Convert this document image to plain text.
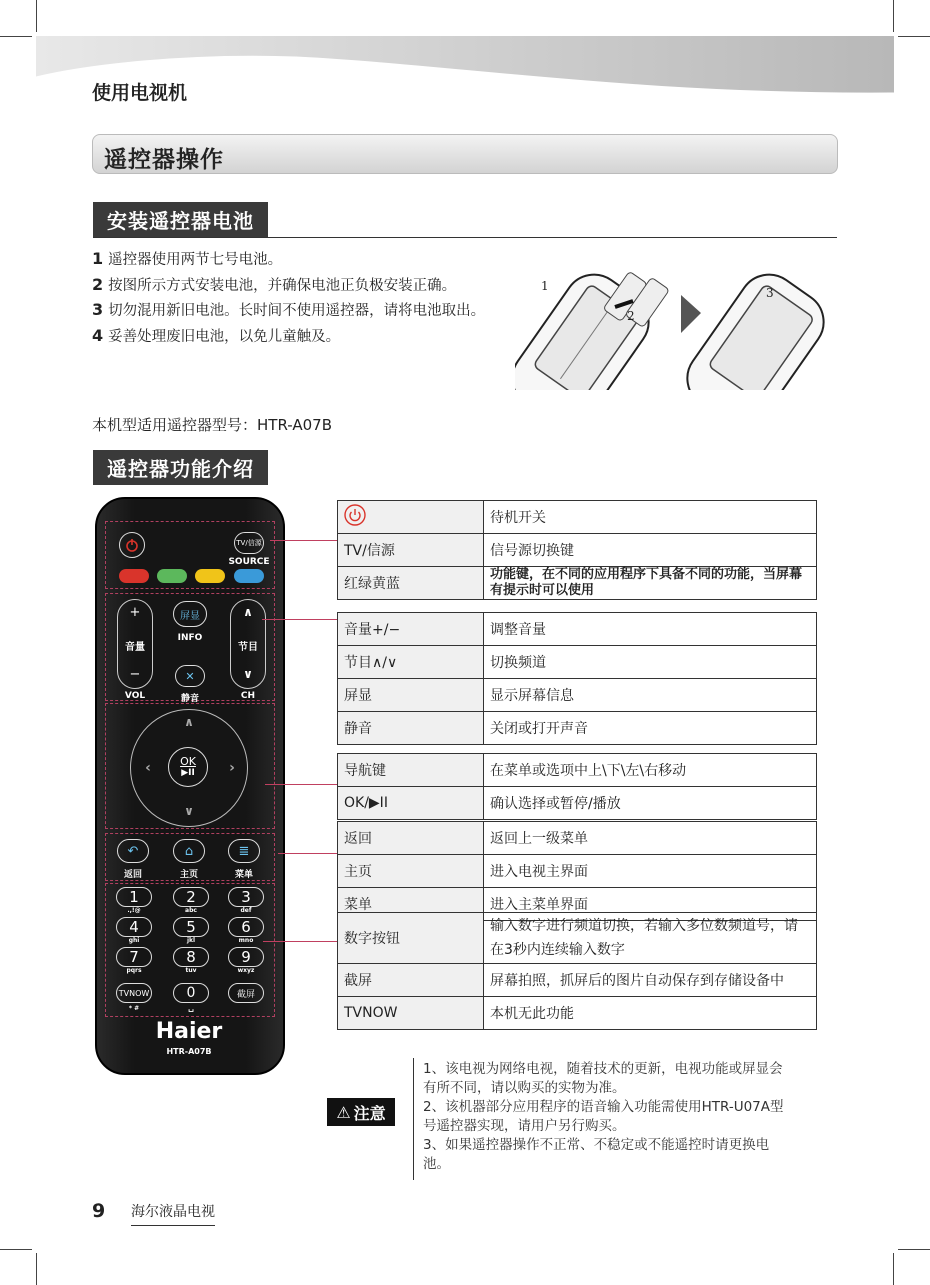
使用电视机
遥控器操作
安装遥控器电池
1 遥控器使用两节七号电池。
2 按图所示方式安装电池，并确保电池正负极安装正确。
3 切勿混用新旧电池。长时间不使用遥控器，请将电池取出。
4 妥善处理废旧电池，以免儿童触及。
1
2
3
本机型适用遥控器型号：HTR-A07B
遥控器功能介绍
TV/信源
SOURCE
+
音量
−
VOL
屏显
INFO
✕
静音
∧
节目
∨
CH
∧
∨
‹	›
OK
▶II
↶
返回
⌂
主页
≣
菜单
1
.,!@
2
abc
3
def
4
ghi
5
jkl
6
mno
7
pqrs
8
tuv
9
wxyz
TVNOW	0	截屏
* #	␣
Haier
HTR-A07B
	待机开关
TV/信源	信号源切换键
红绿黄蓝	功能键，在不同的应用程序下具备不同的功能，当屏幕有提示时可以使用
音量+/−	调整音量
节目∧/∨	切换频道
屏显	显示屏幕信息
静音	关闭或打开声音
导航键	在菜单或选项中上\下\左\右移动
OK/▶II	确认选择或暂停/播放
返回	返回上一级菜单
主页	进入电视主界面
菜单	进入主菜单界面
数字按钮	输入数字进行频道切换，若输入多位数频道号，请在3秒内连续输入数字
截屏	屏幕拍照，抓屏后的图片自动保存到存储设备中
TVNOW	本机无此功能
⚠ 注意
1、该电视为网络电视，随着技术的更新，电视功能或屏显会有所不同，请以购买的实物为准。
2、该机器部分应用程序的语音输入功能需使用HTR-U07A型号遥控器实现，请用户另行购买。
3、如果遥控器操作不正常、不稳定或不能遥控时请更换电池。
9 海尔液晶电视
